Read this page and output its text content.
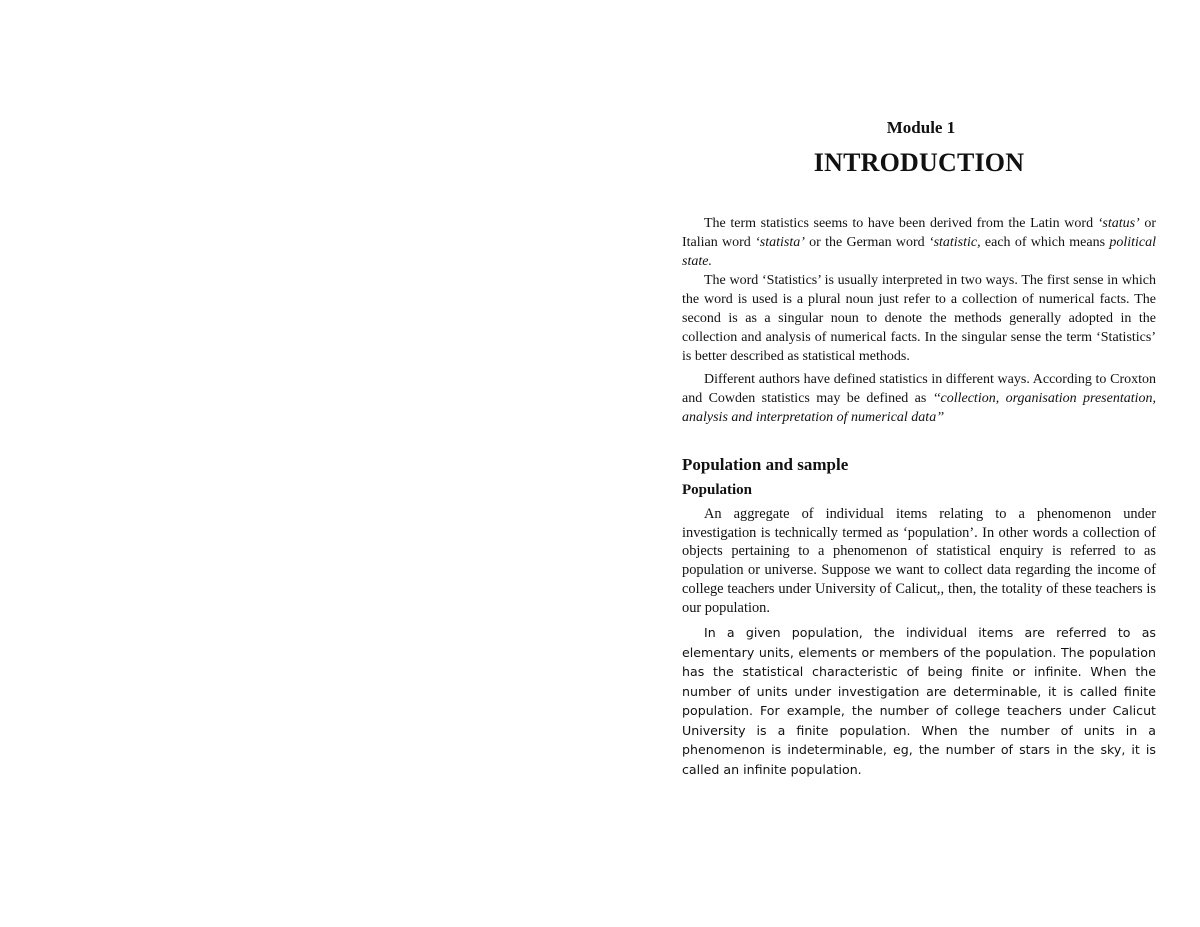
Module 1
INTRODUCTION

The term statistics seems to have been derived from the Latin word ‘status’ or Italian word ‘statista’ or the German word ‘statistic, each of which means political state.

The word ‘Statistics’ is usually interpreted in two ways. The first sense in which the word is used is a plural noun just refer to a collection of numerical facts. The second is as a singular noun to denote the methods generally adopted in the collection and analysis of numerical facts. In the singular sense the term ‘Statistics’ is better described as statistical methods.

Different authors have defined statistics in different ways. According to Croxton and Cowden statistics may be defined as ‘‘collection, organisation presentation, analysis and interpretation of numerical data’’

Population and sample
Population

An aggregate of individual items relating to a phenomenon under investigation is technically termed as ‘population’. In other words a collection of objects pertaining to a phenomenon of statistical enquiry is referred to as population or universe. Suppose we want to collect data regarding the income of college teachers under University of Calicut,, then, the totality of these teachers is our population.

In a given population, the individual items are referred to as elementary units, elements or members of the population. The population has the statistical characteristic of being finite or infinite. When the number of units under investigation are determinable, it is called finite population. For example, the number of college teachers under Calicut University is a finite population. When the number of units in a phenomenon is indeterminable, eg, the number of stars in the sky, it is called an infinite population.
